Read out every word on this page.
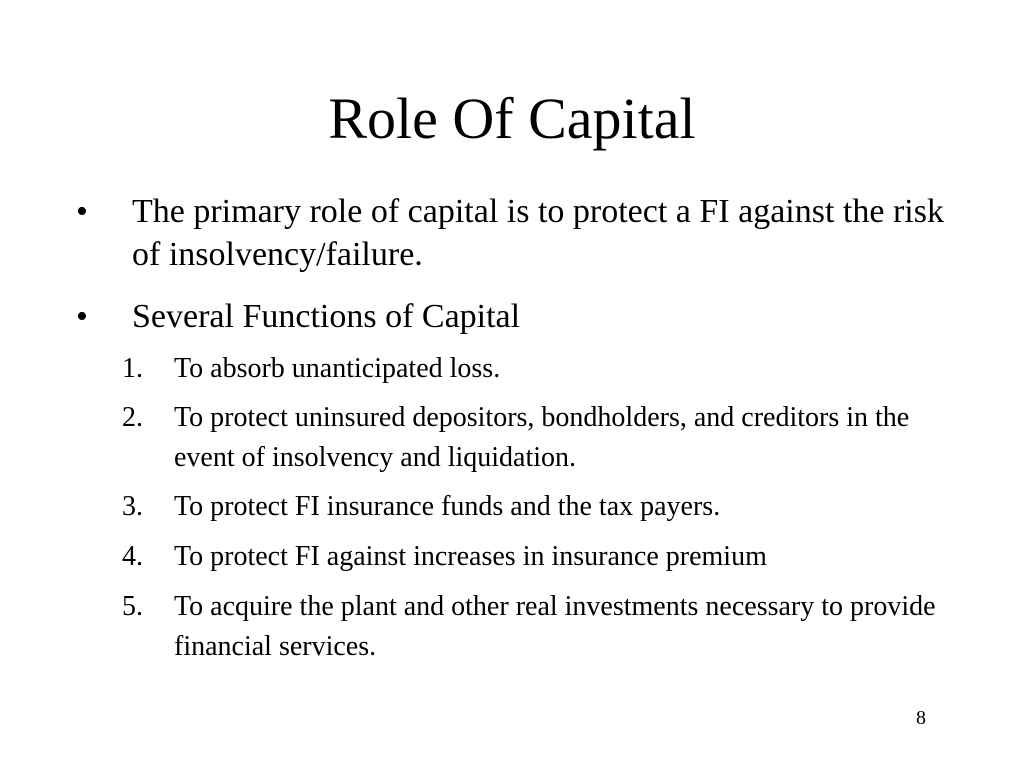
Role Of Capital
•	The primary role of capital is to protect a FI against the risk of insolvency/failure.
•	Several Functions of Capital
1.	To absorb unanticipated loss.
2.	To protect uninsured depositors, bondholders, and creditors in the event of insolvency and liquidation.
3.	To protect FI insurance funds and the tax payers.
4.	To protect FI against increases in insurance premium
5.	To acquire the plant and other real investments necessary to provide financial services.
8
